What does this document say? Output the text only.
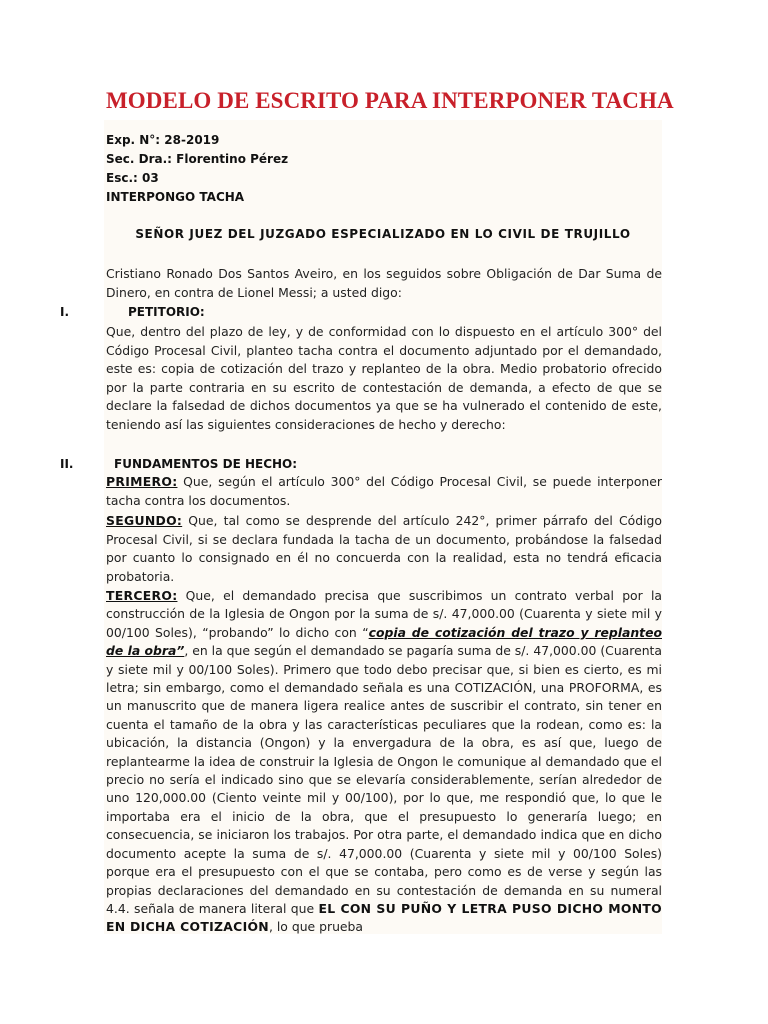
MODELO DE ESCRITO PARA INTERPONER TACHA
Exp. N°: 28-2019
Sec. Dra.: Florentino Pérez
Esc.: 03
INTERPONGO TACHA
SEÑOR JUEZ DEL JUZGADO ESPECIALIZADO EN LO CIVIL DE TRUJILLO

Cristiano Ronado Dos Santos Aveiro, en los seguidos sobre Obligación de Dar Suma de Dinero, en contra de Lionel Messi; a usted digo:

I.	PETITORIO:

Que, dentro del plazo de ley, y de conformidad con lo dispuesto en el artículo 300° del Código Procesal Civil, planteo tacha contra el documento adjuntado por el demandado, este es: copia de cotización del trazo y replanteo de la obra. Medio probatorio ofrecido por la parte contraria en su escrito de contestación de demanda, a efecto de que se declare la falsedad de dichos documentos ya que se ha vulnerado el contenido de este, teniendo así las siguientes consideraciones de hecho y derecho:

II.	FUNDAMENTOS DE HECHO:

PRIMERO: Que, según el artículo 300° del Código Procesal Civil, se puede interponer tacha contra los documentos.

SEGUNDO: Que, tal como se desprende del artículo 242°, primer párrafo del Código Procesal Civil, si se declara fundada la tacha de un documento, probándose la falsedad por cuanto lo consignado en él no concuerda con la realidad, esta no tendrá eficacia probatoria.

TERCERO: Que, el demandado precisa que suscribimos un contrato verbal por la construcción de la Iglesia de Ongon por la suma de s/. 47,000.00 (Cuarenta y siete mil y 00/100 Soles), “probando” lo dicho con “copia de cotización del trazo y replanteo de la obra”, en la que según el demandado se pagaría suma de s/. 47,000.00 (Cuarenta y siete mil y 00/100 Soles). Primero que todo debo precisar que, si bien es cierto, es mi letra; sin embargo, como el demandado señala es una COTIZACIÓN, una PROFORMA, es un manuscrito que de manera ligera realice antes de suscribir el contrato, sin tener en cuenta el tamaño de la obra y las características peculiares que la rodean, como es: la ubicación, la distancia (Ongon) y la envergadura de la obra, es así que, luego de replantearme la idea de construir la Iglesia de Ongon le comunique al demandado que el precio no sería el indicado sino que se elevaría considerablemente, serían alrededor de uno 120,000.00 (Ciento veinte mil y 00/100), por lo que, me respondió que, lo que le importaba era el inicio de la obra, que el presupuesto lo generaría luego; en consecuencia, se iniciaron los trabajos. Por otra parte, el demandado indica que en dicho documento acepte la suma de s/. 47,000.00 (Cuarenta y siete mil y 00/100 Soles) porque era el presupuesto con el que se contaba, pero como es de verse y según las propias declaraciones del demandado en su contestación de demanda en su numeral 4.4. señala de manera literal que EL CON SU PUÑO Y LETRA PUSO DICHO MONTO EN DICHA COTIZACIÓN, lo que prueba
